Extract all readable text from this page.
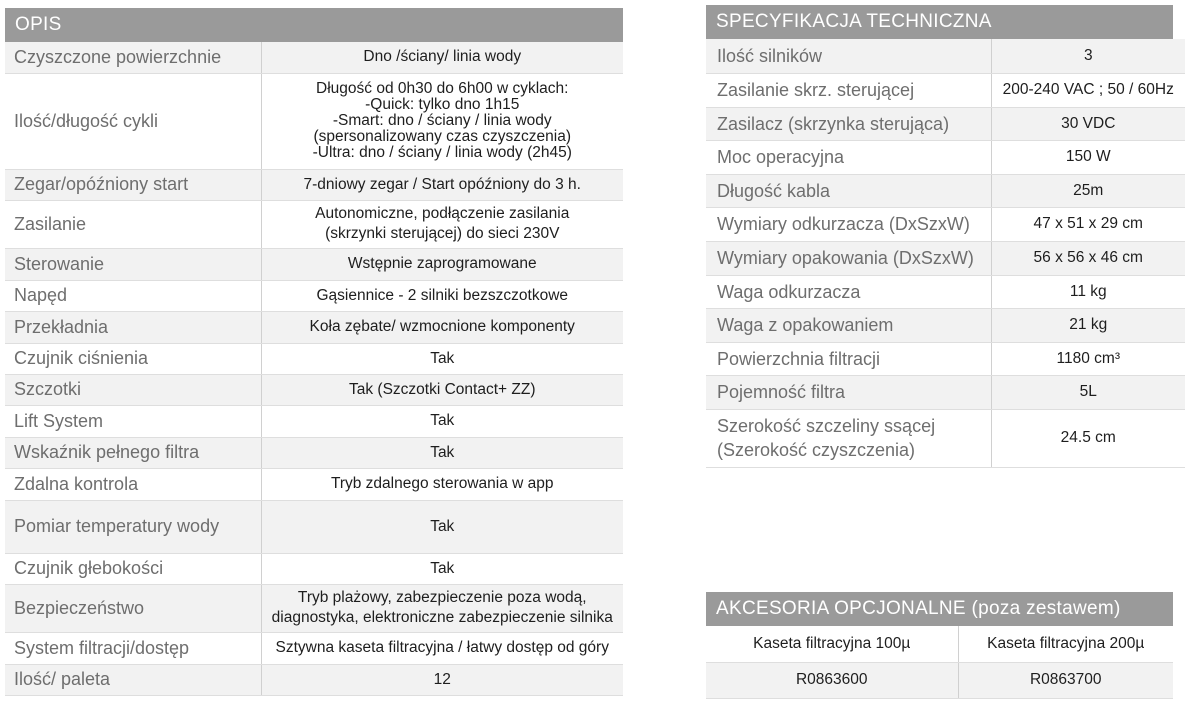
OPIS
Czyszczone powierzchnie	Dno /ściany/ linia wody
Ilość/długość cykli	Długość od 0h30 do 6h00 w cyklach:
-Quick: tylko dno 1h15
-Smart: dno / ściany / linia wody
(spersonalizowany czas czyszczenia)
-Ultra: dno / ściany / linia wody (2h45)
Zegar/opóźniony start	7-dniowy zegar / Start opóźniony do 3 h.
Zasilanie	Autonomiczne, podłączenie zasilania
(skrzynki sterującej) do sieci 230V
Sterowanie	Wstępnie zaprogramowane
Napęd	Gąsiennice - 2 silniki bezszczotkowe
Przekładnia	Koła zębate/ wzmocnione komponenty
Czujnik ciśnienia	Tak
Szczotki	Tak (Szczotki Contact+ ZZ)
Lift System	Tak
Wskaźnik pełnego filtra	Tak
Zdalna kontrola	Tryb zdalnego sterowania w app
Pomiar temperatury wody	Tak
Czujnik głebokości	Tak
Bezpieczeństwo	Tryb plażowy, zabezpieczenie poza wodą,
diagnostyka, elektroniczne zabezpieczenie silnika
System filtracji/dostęp	Sztywna kaseta filtracyjna / łatwy dostęp od góry
Ilość/ paleta	12
SPECYFIKACJA TECHNICZNA
Ilość silników	3
Zasilanie skrz. sterującej	200-240 VAC ; 50 / 60Hz
Zasilacz (skrzynka sterująca)	30 VDC
Moc operacyjna	150 W
Długość kabla	25m
Wymiary odkurzacza (DxSzxW)	47 x 51 x 29 cm
Wymiary opakowania (DxSzxW)	56 x 56 x 46 cm
Waga odkurzacza	11 kg
Waga z opakowaniem	21 kg
Powierzchnia filtracji	1180 cm³
Pojemność filtra	5L
Szerokość szczeliny ssącej
(Szerokość czyszczenia)	24.5 cm
AKCESORIA OPCJONALNE (poza zestawem)
Kaseta filtracyjna 100µ	Kaseta filtracyjna 200µ
R0863600	R0863700
